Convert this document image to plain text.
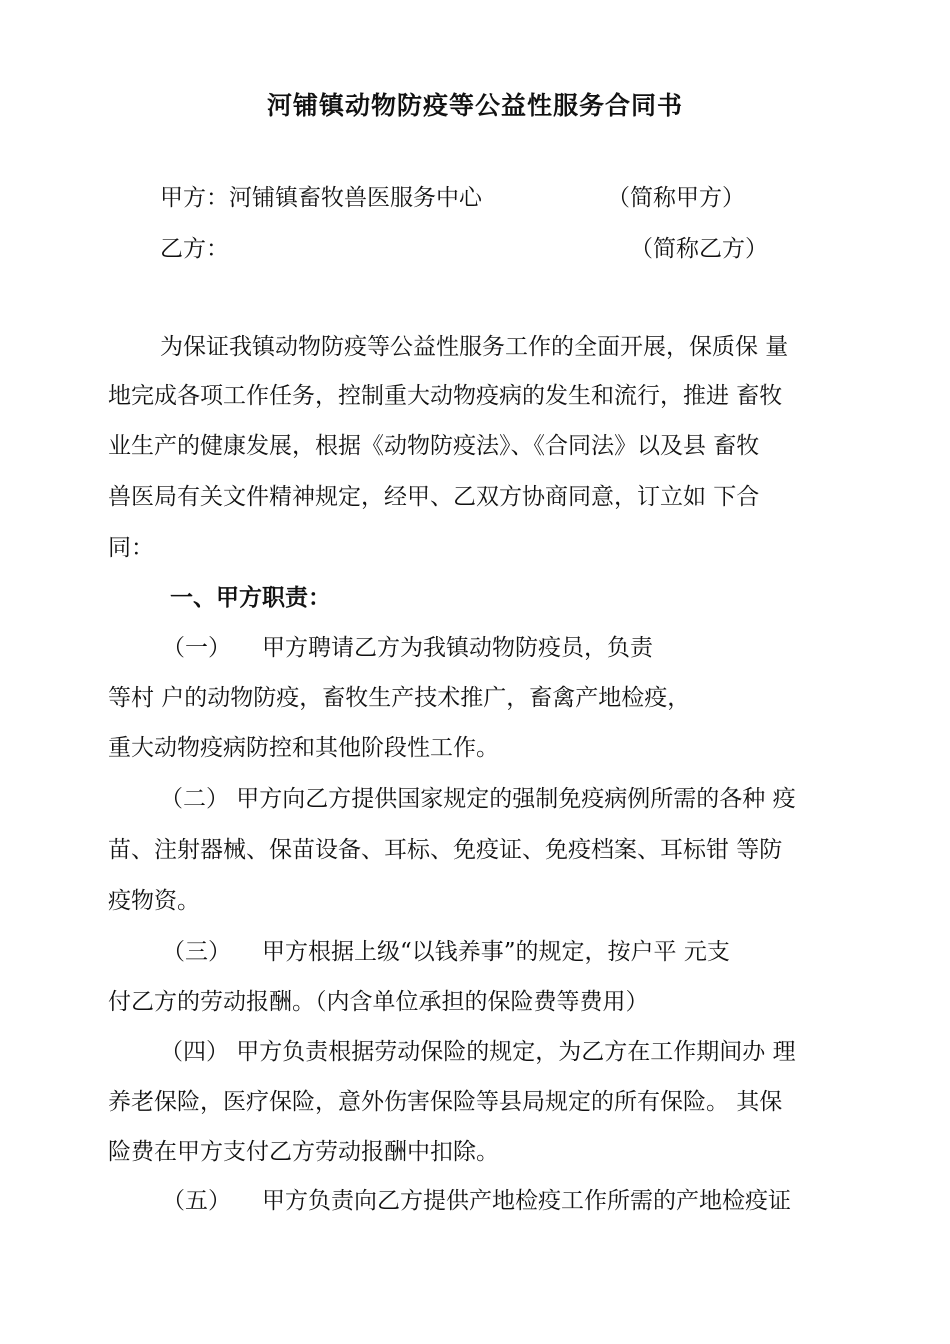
河铺镇动物防疫等公益性服务合同书
甲方：河铺镇畜牧兽医服务中心	（简称甲方）
乙方：	（简称乙方）
为保证我镇动物防疫等公益性服务工作的全面开展，保质保 量
地完成各项工作任务，控制重大动物疫病的发生和流行，推进 畜牧
业生产的健康发展，根据《动物防疫法》、《合同法》以及县 畜牧
兽医局有关文件精神规定，经甲、乙双方协商同意，订立如 下合
同：
一、甲方职责：
（一） 甲方聘请乙方为我镇动物防疫员，负责
等村 户的动物防疫，畜牧生产技术推广，畜禽产地检疫，
重大动物疫病防控和其他阶段性工作。
（二） 甲方向乙方提供国家规定的强制免疫病例所需的各种 疫
苗、注射器械、保苗设备、耳标、免疫证、免疫档案、耳标钳 等防
疫物资。
（三） 甲方根据上级“以钱养事”的规定，按户平 元支
付乙方的劳动报酬。（内含单位承担的保险费等费用）
（四） 甲方负责根据劳动保险的规定，为乙方在工作期间办 理
养老保险，医疗保险，意外伤害保险等县局规定的所有保险。 其保
险费在甲方支付乙方劳动报酬中扣除。
（五） 甲方负责向乙方提供产地检疫工作所需的产地检疫证
